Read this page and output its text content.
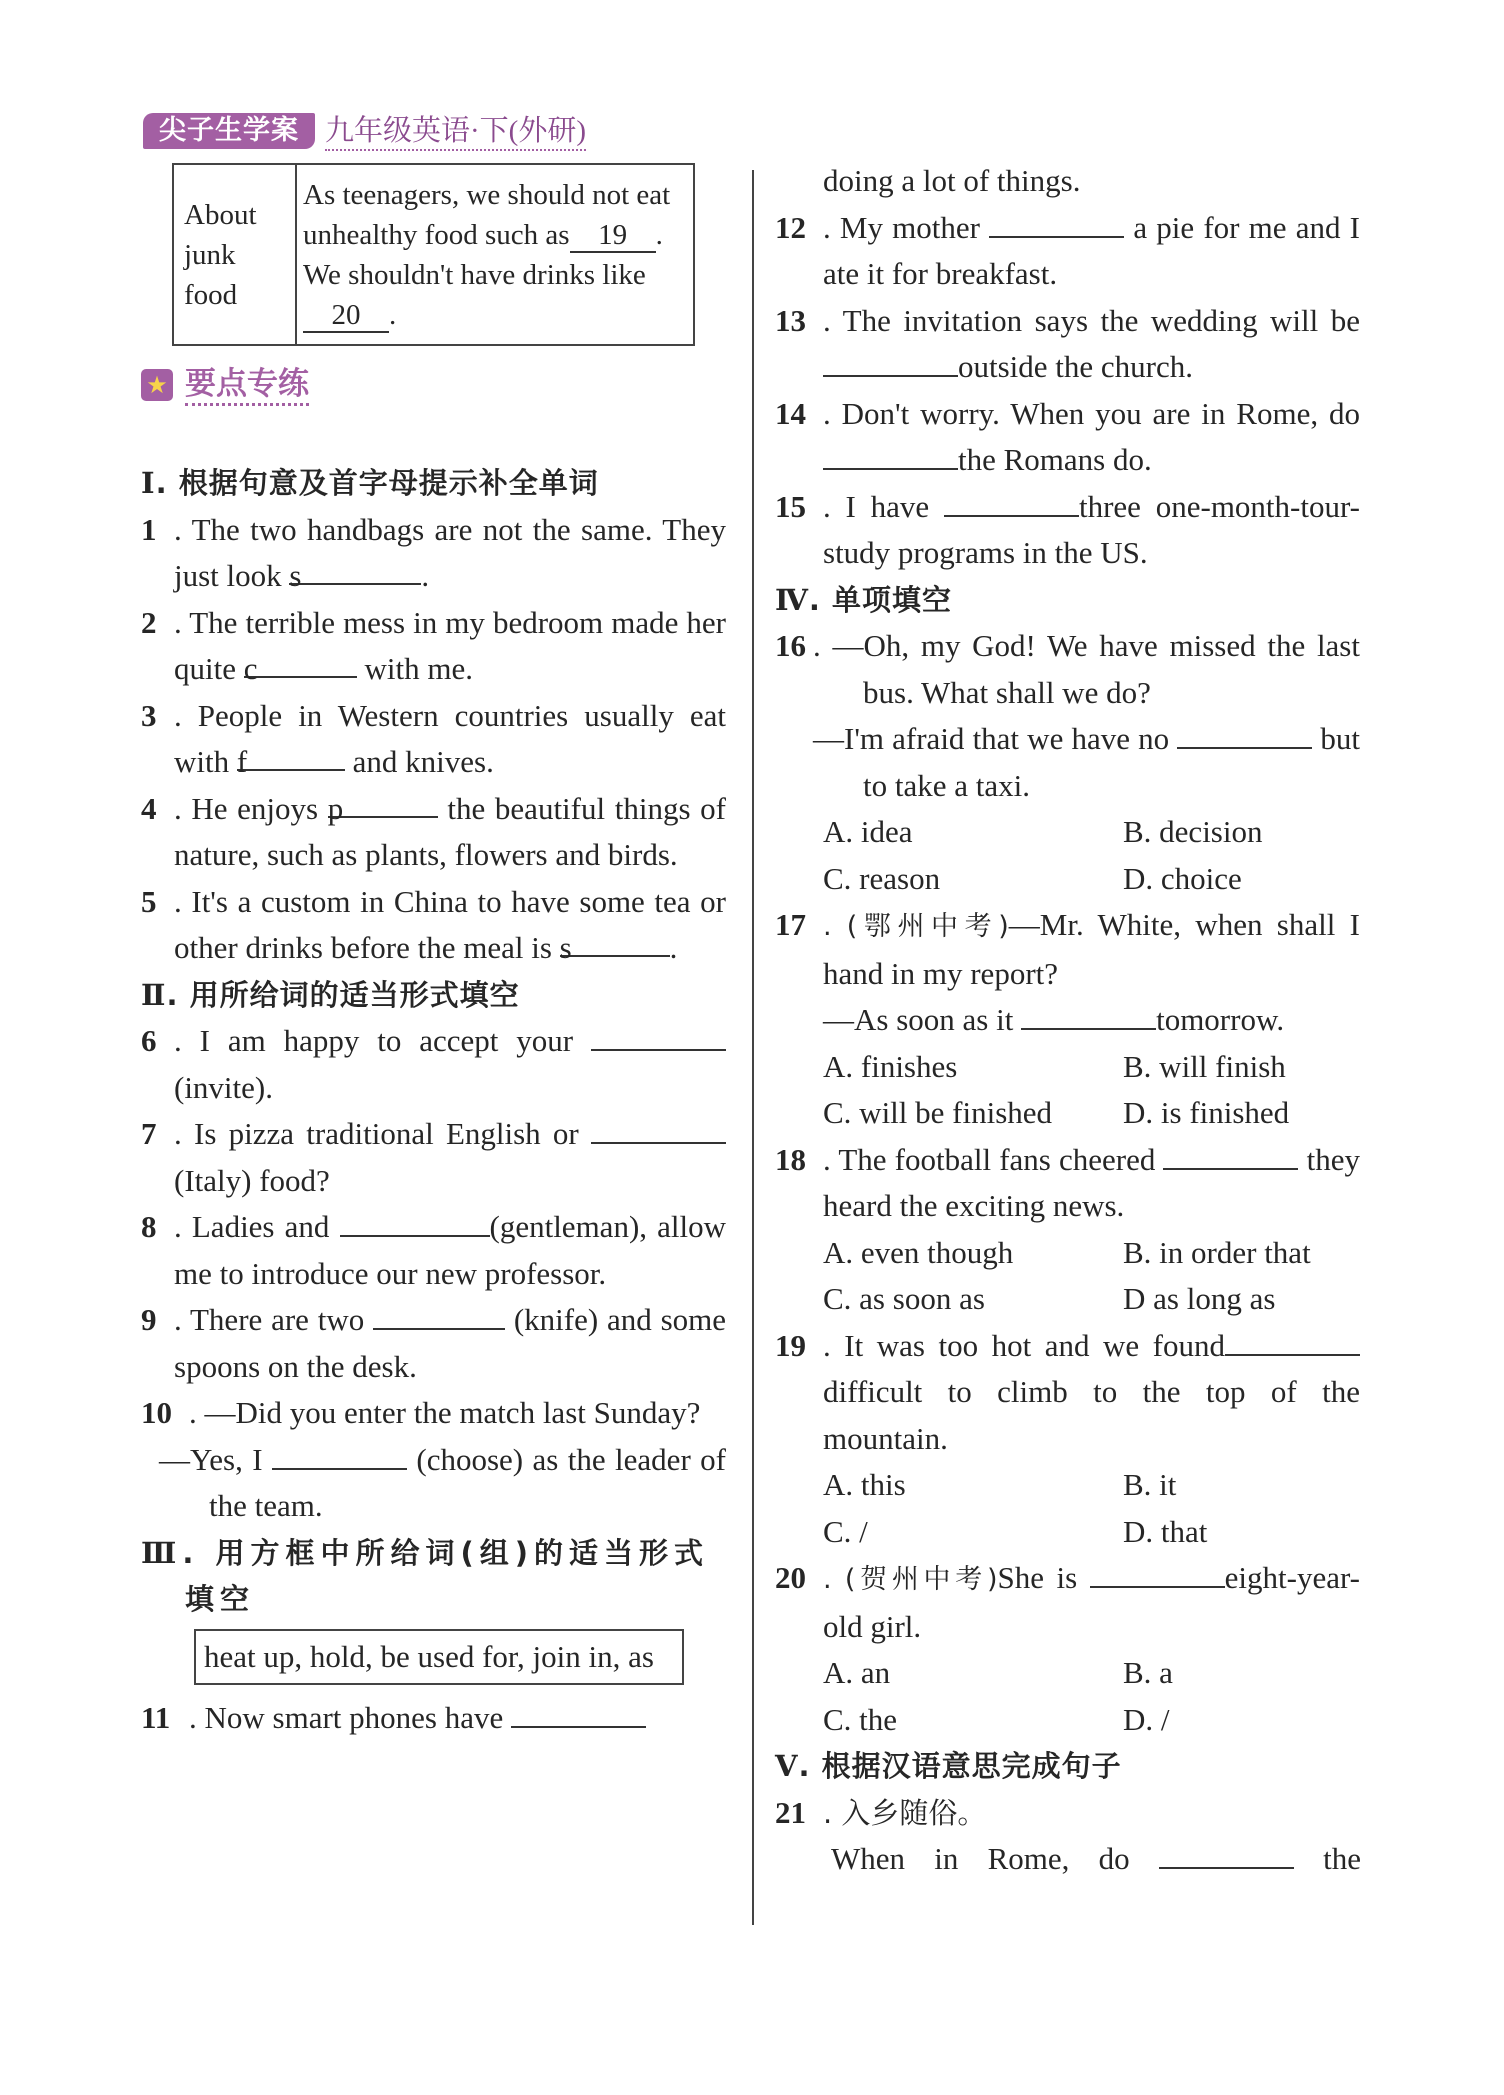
尖子生学案 九年级英语·下(外研)
About
junk
food
	As teenagers, we should not eat unhealthy food such as 19 . We shouldn't have drinks like 20 .
★ 要点专练
Ⅰ. 根据句意及首字母提示补全单词
1 . The two handbags are not the same. They just look s	.
2 . The terrible mess in my bedroom made her quite c	with me.
3 . People in Western countries usually eat with f	and knives.
4 . He enjoys p	the beautiful things of nature, such as plants, flowers and birds.
5 . It's a custom in China to have some tea or other drinks before the meal is s	.
Ⅱ. 用所给词的适当形式填空
6 . I am happy to accept your  (invite).
7 . Is pizza traditional English or  (Italy) food?
8 . Ladies and	(gentleman), allow me to introduce our new professor.
9 . There are two	(knife) and some spoons on the desk.
10 . —Did you enter the match last Sunday?
—Yes, I	(choose) as the leader of the team.
Ⅲ. 用方框中所给词(组)的适当形式填空
heat up, hold, be used for, join in, as
11 . Now smart phones have
doing a lot of things.
12 . My mother	a pie for me and I ate it for breakfast.
13 . The invitation says the wedding will be outside the church.
14 . Don't worry. When you are in Rome, do the Romans do.
15 . I have	three one-month-tour-study programs in the US.
Ⅳ. 单项填空
16 . —Oh, my God! We have missed the last bus. What shall we do?
—I'm afraid that we have no	but to take a taxi.
A. idea	B. decision
C. reason	D. choice
17 . (鄂州中考)—Mr. White, when shall I hand in my report?
—As soon as it	tomorrow.
A. finishes	B. will finish
C. will be finished	D. is finished
18 . The football fans cheered	they heard the exciting news.
A. even though	B. in order that
C. as soon as	D as long as
19 . It was too hot and we found difficult to climb to the top of the mountain.
A. this	B. it
C. /	D. that
20 . (贺州中考)She is	eight-year-old girl.
A. an	B. a
C. the	D. /
Ⅴ. 根据汉语意思完成句子
21 . 入乡随俗。
When in Rome, do	the
